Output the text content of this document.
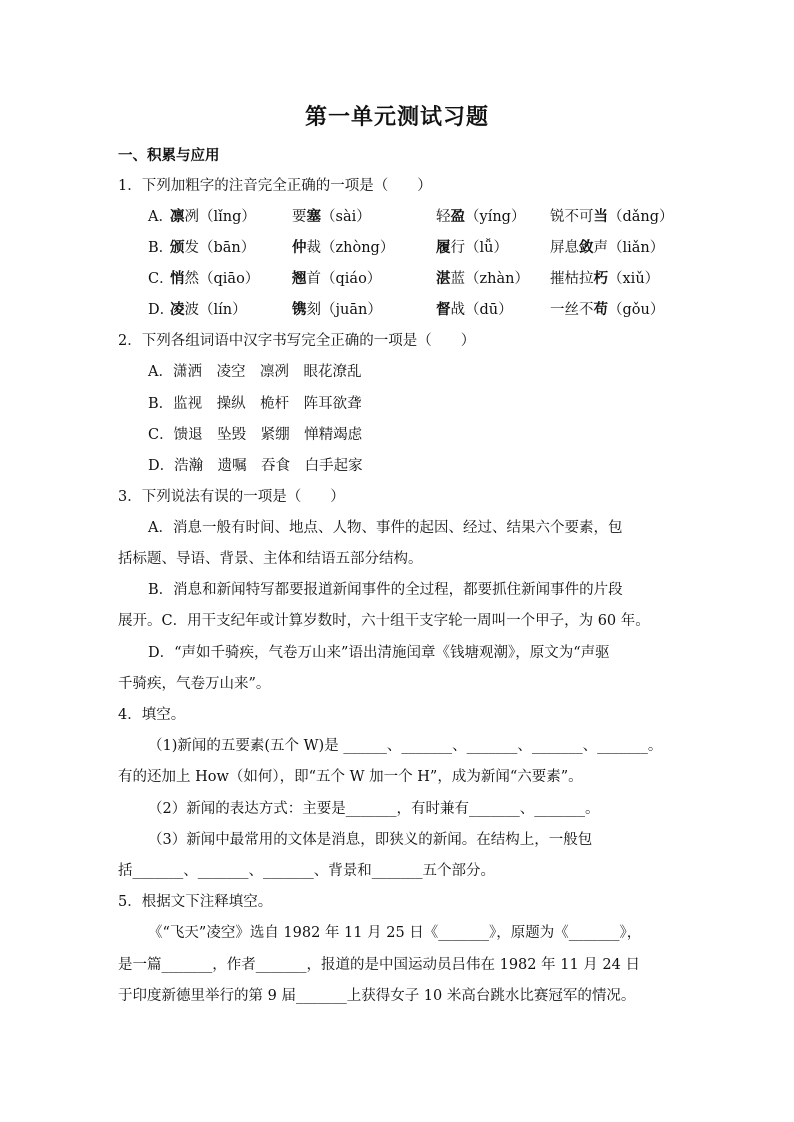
第一单元测试习题
一、积累与应用
1．下列加粗字的注音完全正确的一项是（　　）
A．
凛冽（lǐng） 要塞（sài）	轻盈（yíng） 锐不可当（dǎng）
B．
颁发（bān）	仲裁（zhòng）	履行（lǚ）	屏息敛声（liǎn）
C．
悄然（qiāo） 翘首（qiáo）	湛蓝（zhàn） 摧枯拉朽（xiǔ）
D．
凌波（lín）	镌刻（juān）	督战（dū）	一丝不苟（gǒu）
2．下列各组词语中汉字书写完全正确的一项是（　　）
A．潇洒　凌空　凛冽　眼花潦乱
B．监视　操纵　桅杆　阵耳欲聋
C．馈退　坠毁　紧绷　惮精竭虑
D．浩瀚　遗嘱　吞食　白手起家
3．下列说法有误的一项是（　　）
A．消息一般有时间、地点、人物、事件的起因、经过、结果六个要素，包
括标题、导语、背景、主体和结语五部分结构。
B．消息和新闻特写都要报道新闻事件的全过程，都要抓住新闻事件的片段
展开。C．用干支纪年或计算岁数时，六十组干支字轮一周叫一个甲子，为 60 年。
D．“声如千骑疾，气卷万山来”语出清施闰章《钱塘观潮》，原文为“声驱
千骑疾，气卷万山来”。
4．填空。
（1)新闻的五要素(五个 W)是 ______、_______、_______、_______、_______。
有的还加上 How（如何），即“五个 W 加一个 H”，成为新闻“六要素”。
（2）新闻的表达方式：主要是_______，有时兼有_______、_______。
（3）新闻中最常用的文体是消息，即狭义的新闻。在结构上，一般包
括_______、_______、_______、背景和_______五个部分。
5．根据文下注释填空。
《“飞天”凌空》选自 1982 年 11 月 25 日《_______》，原题为《_______》，
是一篇_______，作者_______，报道的是中国运动员吕伟在 1982 年 11 月 24 日
于印度新德里举行的第 9 届_______上获得女子 10 米高台跳水比赛冠军的情况。
